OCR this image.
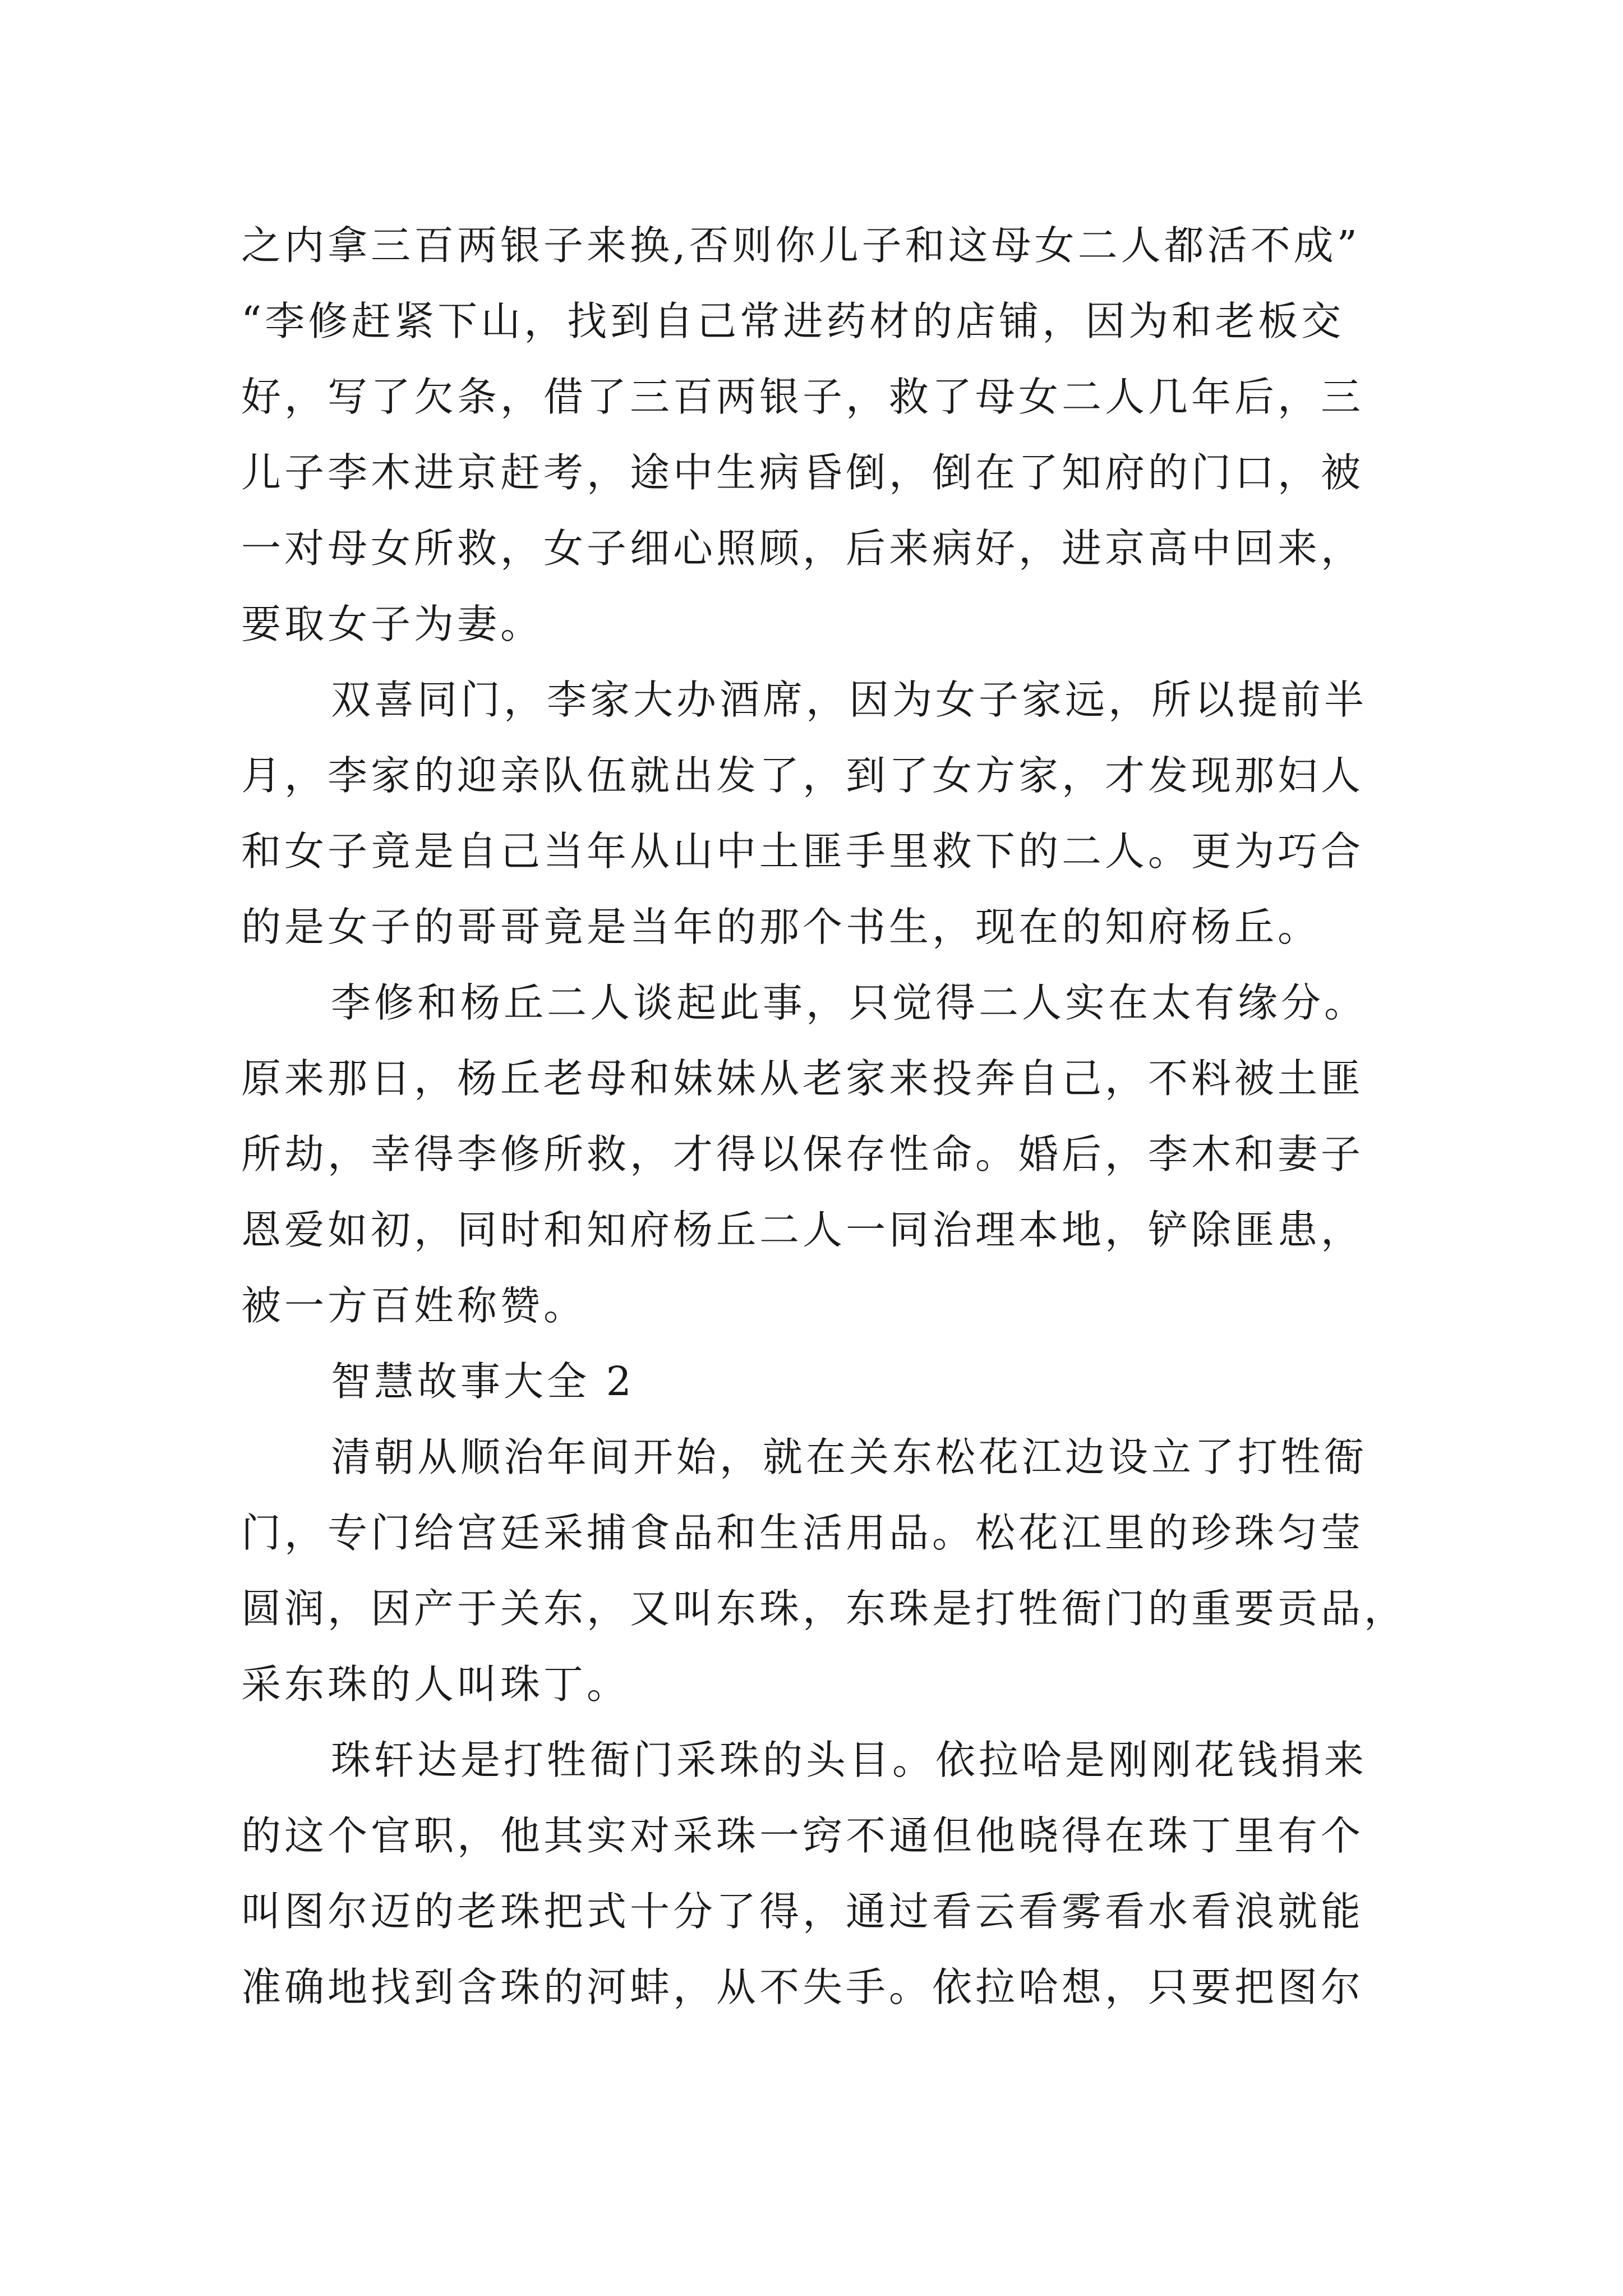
之内拿三百两银子来换,否则你儿子和这母女二人都活不成”
“李修赶紧下山，找到自己常进药材的店铺，因为和老板交
好，写了欠条，借了三百两银子，救了母女二人几年后，三
儿子李木进京赶考，途中生病昏倒，倒在了知府的门口，被
一对母女所救，女子细心照顾，后来病好，进京高中回来，
要取女子为妻。
双喜同门，李家大办酒席，因为女子家远，所以提前半
月，李家的迎亲队伍就出发了，到了女方家，才发现那妇人
和女子竟是自己当年从山中土匪手里救下的二人。更为巧合
的是女子的哥哥竟是当年的那个书生，现在的知府杨丘。
李修和杨丘二人谈起此事，只觉得二人实在太有缘分。
原来那日，杨丘老母和妹妹从老家来投奔自己，不料被土匪
所劫，幸得李修所救，才得以保存性命。婚后，李木和妻子
恩爱如初，同时和知府杨丘二人一同治理本地，铲除匪患，
被一方百姓称赞。
智慧故事大全 2
清朝从顺治年间开始，就在关东松花江边设立了打牲衙
门，专门给宫廷采捕食品和生活用品。松花江里的珍珠匀莹
圆润，因产于关东，又叫东珠，东珠是打牲衙门的重要贡品，
采东珠的人叫珠丁。
珠轩达是打牲衙门采珠的头目。依拉哈是刚刚花钱捐来
的这个官职，他其实对采珠一窍不通但他晓得在珠丁里有个
叫图尔迈的老珠把式十分了得，通过看云看雾看水看浪就能
准确地找到含珠的河蚌，从不失手。依拉哈想，只要把图尔
